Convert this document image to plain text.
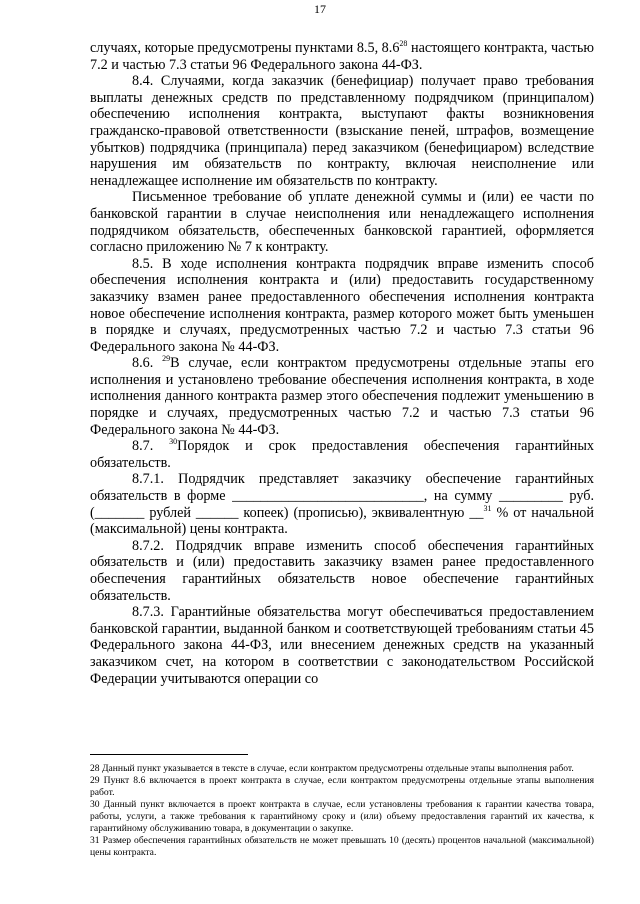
17

случаях, которые предусмотрены пунктами 8.5, $8.6^{28}$ настоящего контракта, частью 7.2 и частью 7.3 статьи 96 Федерального закона 44-ФЗ.

8.4. Случаями, когда заказчик (бенефициар) получает право требования выплаты денежных средств по представленному подрядчиком (принципалом) обеспечению исполнения контракта, выступают факты возникновения гражданско-правовой ответственности (взыскание пеней, штрафов, возмещение убытков) подрядчика (принципала) перед заказчиком (бенефициаром) вследствие нарушения им обязательств по контракту, включая неисполнение или ненадлежащее исполнение им обязательств по контракту.

Письменное требование об уплате денежной суммы и (или) ее части по банковской гарантии в случае неисполнения или ненадлежащего исполнения подрядчиком обязательств, обеспеченных банковской гарантией, оформляется согласно приложению № 7 к контракту.

8.5. В ходе исполнения контракта подрядчик вправе изменить способ обеспечения исполнения контракта и (или) предоставить государственному заказчику взамен ранее предоставленного обеспечения исполнения контракта новое обеспечение исполнения контракта, размер которого может быть уменьшен в порядке и случаях, предусмотренных частью 7.2 и частью 7.3 статьи 96 Федерального закона № 44-ФЗ.

8.6. $^{29}$В случае, если контрактом предусмотрены отдельные этапы его исполнения и установлено требование обеспечения исполнения контракта, в ходе исполнения данного контракта размер этого обеспечения подлежит уменьшению в порядке и случаях, предусмотренных частью 7.2 и частью 7.3 статьи 96 Федерального закона № 44-ФЗ.

8.7. $^{30}$Порядок и срок предоставления обеспечения гарантийных обязательств.

8.7.1. Подрядчик представляет заказчику обеспечение гарантийных обязательств в форме ___________________________, на сумму _________ руб. (_______ рублей ______ копеек) (прописью), эквивалентную __$^{31}$ % от начальной (максимальной) цены контракта.

8.7.2. Подрядчик вправе изменить способ обеспечения гарантийных обязательств и (или) предоставить заказчику взамен ранее предоставленного обеспечения гарантийных обязательств новое обеспечение гарантийных обязательств.

8.7.3. Гарантийные обязательства могут обеспечиваться предоставлением банковской гарантии, выданной банком и соответствующей требованиям статьи 45 Федерального закона 44-ФЗ, или внесением денежных средств на указанный заказчиком счет, на котором в соответствии с законодательством Российской Федерации учитываются операции со

28 Данный пункт указывается в тексте в случае, если контрактом предусмотрены отдельные этапы выполнения работ.

29 Пункт 8.6 включается в проект контракта в случае, если контрактом предусмотрены отдельные этапы выполнения работ.

30 Данный пункт включается в проект контракта в случае, если установлены требования к гарантии качества товара, работы, услуги, а также требования к гарантийному сроку и (или) объему предоставления гарантий их качества, к гарантийному обслуживанию товара, в документации о закупке.

31 Размер обеспечения гарантийных обязательств не может превышать 10 (десять) процентов начальной (максимальной) цены контракта.
